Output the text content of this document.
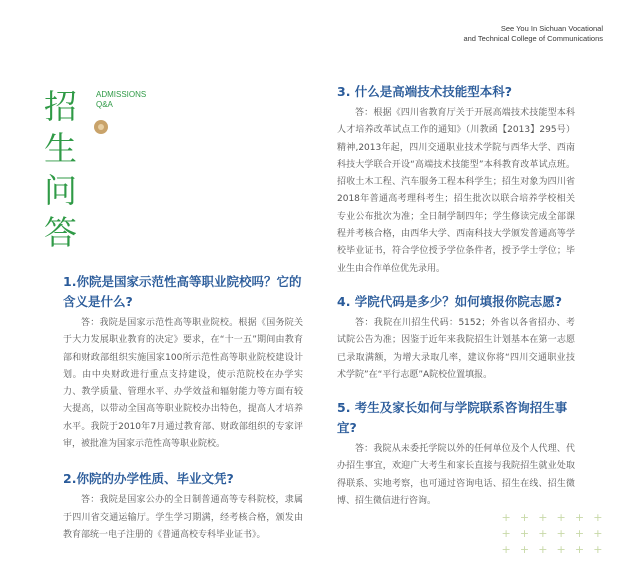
See You In Sichuan Vocational
and Technical College of Communications
招
生
问
答
ADMISSIONS
Q&A

1.你院是国家示范性高等职业院校吗？它的含义是什么?

答：我院是国家示范性高等职业院校。根据《国务院关于大力发展职业教育的决定》要求，在“十一五”期间由教育部和财政部组织实施国家100所示范性高等职业院校建设计划。由中央财政进行重点支持建设，使示范院校在办学实力、教学质量、管理水平、办学效益和辐射能力等方面有较大提高，以带动全国高等职业院校办出特色，提高人才培养水平。我院于2010年7月通过教育部、财政部组织的专家评审，被批准为国家示范性高等职业院校。

2.你院的办学性质、毕业文凭?

答：我院是国家公办的全日制普通高等专科院校，隶属于四川省交通运输厅。学生学习期满，经考核合格，颁发由教育部统一电子注册的《普通高校专科毕业证书》。

3. 什么是高端技术技能型本科?

答：根据《四川省教育厅关于开展高端技术技能型本科人才培养改革试点工作的通知》（川教函【2013】295号）精神,2013年起，四川交通职业技术学院与西华大学、西南科技大学联合开设“高端技术技能型”本科教育改革试点班。招收土木工程、汽车服务工程本科学生；招生对象为四川省2018年普通高考理科考生；招生批次以联合培养学校相关专业公布批次为准；全日制学制四年；学生修读完成全部课程并考核合格，由西华大学、西南科技大学颁发普通高等学校毕业证书，符合学位授予学位条件者，授予学士学位；毕业生由合作单位优先录用。

4. 学院代码是多少？如何填报你院志愿?

答：我院在川招生代码：5152；外省以各省招办、考试院公告为准；因鉴于近年来我院招生计划基本在第一志愿已录取满额，为增大录取几率，建议你将“四川交通职业技术学院”在“平行志愿”A院校位置填报。

5. 考生及家长如何与学院联系咨询招生事宜?

答：我院从未委托学院以外的任何单位及个人代理、代办招生事宜，欢迎广大考生和家长直接与我院招生就业处取得联系、实地考察，也可通过咨询电话、招生在线、招生微博、招生微信进行咨询。

+ + + + + +
+ + + + + +
+ + + + + +
